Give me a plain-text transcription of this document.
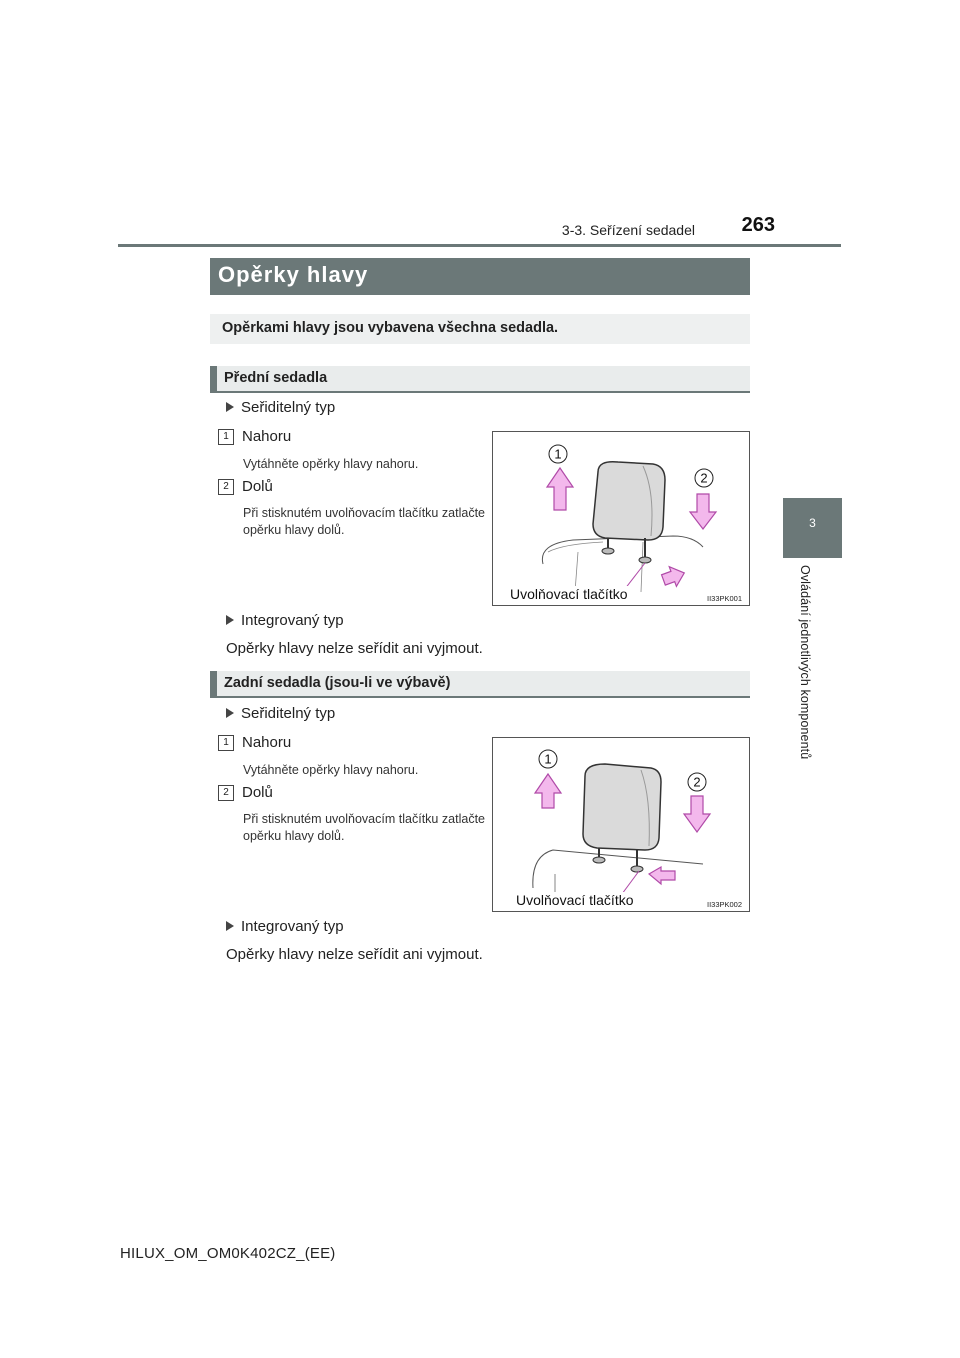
3-3. Seřízení sedadel	263
3
Ovládání jednotlivých komponentů
Opěrky hlavy
Opěrkami hlavy jsou vybavena všechna sedadla.
Přední sedadla
Seřiditelný typ
1 Nahoru
Vytáhněte opěrky hlavy nahoru.
2 Dolů
Při stisknutém uvolňovacím tlačítku zatlačte opěrku hlavy dolů.
1
2
Uvolňovací tlačítko	II33PK001
Integrovaný typ
Opěrky hlavy nelze seřídit ani vyjmout.
Zadní sedadla (jsou-li ve výbavě)
Seřiditelný typ
1 Nahoru
Vytáhněte opěrky hlavy nahoru.
2 Dolů
Při stisknutém uvolňovacím tlačítku zatlačte opěrku hlavy dolů.
1
2
Uvolňovací tlačítko	II33PK002
Integrovaný typ
Opěrky hlavy nelze seřídit ani vyjmout.
HILUX_OM_OM0K402CZ_(EE)
